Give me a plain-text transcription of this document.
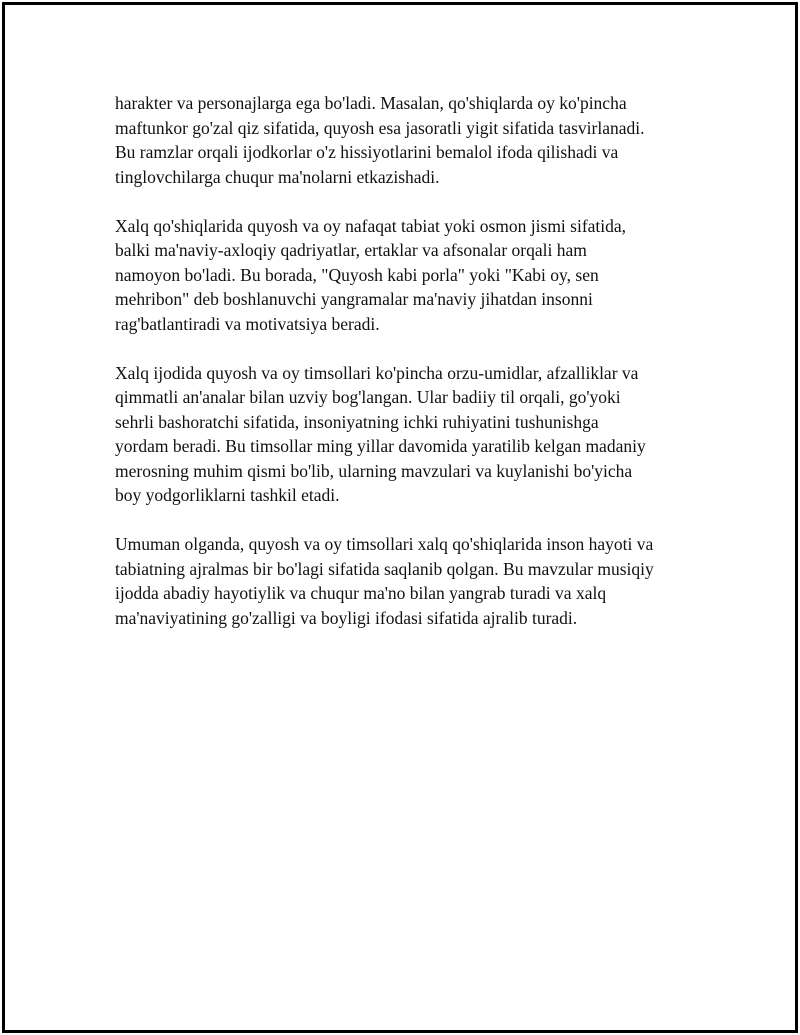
harakter va personajlarga ega bo'ladi. Masalan, qo'shiqlarda oy ko'pincha
maftunkor go'zal qiz sifatida, quyosh esa jasoratli yigit sifatida tasvirlanadi.
Bu ramzlar orqali ijodkorlar o'z hissiyotlarini bemalol ifoda qilishadi va
tinglovchilarga chuqur ma'nolarni etkazishadi.

Xalq qo'shiqlarida quyosh va oy nafaqat tabiat yoki osmon jismi sifatida,
balki ma'naviy-axloqiy qadriyatlar, ertaklar va afsonalar orqali ham
namoyon bo'ladi. Bu borada, "Quyosh kabi porla" yoki "Kabi oy, sen
mehribon" deb boshlanuvchi yangramalar ma'naviy jihatdan insonni
rag'batlantiradi va motivatsiya beradi.

Xalq ijodida quyosh va oy timsollari ko'pincha orzu-umidlar, afzalliklar va
qimmatli an'analar bilan uzviy bog'langan. Ular badiiy til orqali, go'yoki
sehrli bashoratchi sifatida, insoniyatning ichki ruhiyatini tushunishga
yordam beradi. Bu timsollar ming yillar davomida yaratilib kelgan madaniy
merosning muhim qismi bo'lib, ularning mavzulari va kuylanishi bo'yicha
boy yodgorliklarni tashkil etadi.

Umuman olganda, quyosh va oy timsollari xalq qo'shiqlarida inson hayoti va
tabiatning ajralmas bir bo'lagi sifatida saqlanib qolgan. Bu mavzular musiqiy
ijodda abadiy hayotiylik va chuqur ma'no bilan yangrab turadi va xalq
ma'naviyatining go'zalligi va boyligi ifodasi sifatida ajralib turadi.
